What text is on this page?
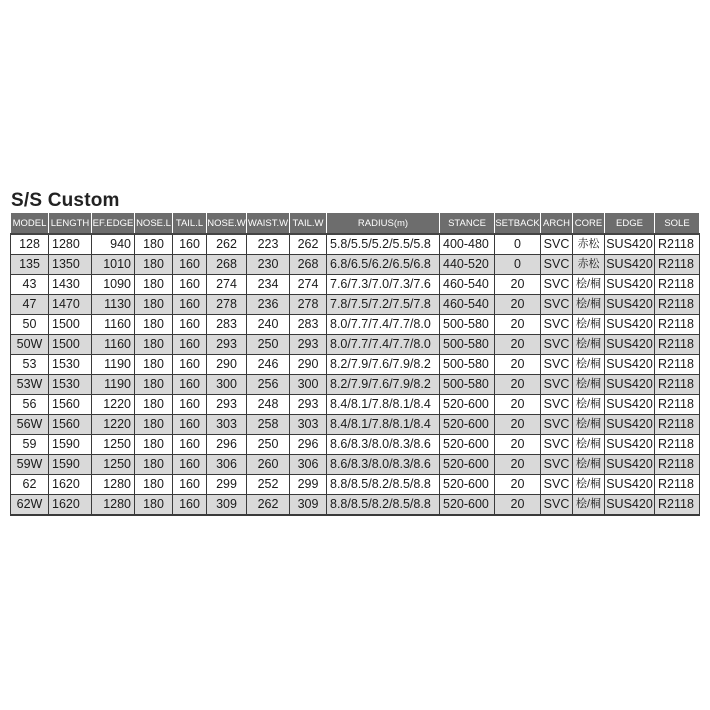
S/S Custom
MODEL	LENGTH	EF.EDGE	NOSE.L	TAIL.L	NOSE.W	WAIST.W	TAIL.W	RADIUS(m)	STANCE	SETBACK	ARCH	CORE	EDGE	SOLE
128	1280	940	180	160	262	223	262	5.8/5.5/5.2/5.5/5.8	400-480	0	SVC	赤松	SUS420	R2118
135	1350	1010	180	160	268	230	268	6.8/6.5/6.2/6.5/6.8	440-520	0	SVC	赤松	SUS420	R2118
43	1430	1090	180	160	274	234	274	7.6/7.3/7.0/7.3/7.6	460-540	20	SVC	桧/桐	SUS420	R2118
47	1470	1130	180	160	278	236	278	7.8/7.5/7.2/7.5/7.8	460-540	20	SVC	桧/桐	SUS420	R2118
50	1500	1160	180	160	283	240	283	8.0/7.7/7.4/7.7/8.0	500-580	20	SVC	桧/桐	SUS420	R2118
50W	1500	1160	180	160	293	250	293	8.0/7.7/7.4/7.7/8.0	500-580	20	SVC	桧/桐	SUS420	R2118
53	1530	1190	180	160	290	246	290	8.2/7.9/7.6/7.9/8.2	500-580	20	SVC	桧/桐	SUS420	R2118
53W	1530	1190	180	160	300	256	300	8.2/7.9/7.6/7.9/8.2	500-580	20	SVC	桧/桐	SUS420	R2118
56	1560	1220	180	160	293	248	293	8.4/8.1/7.8/8.1/8.4	520-600	20	SVC	桧/桐	SUS420	R2118
56W	1560	1220	180	160	303	258	303	8.4/8.1/7.8/8.1/8.4	520-600	20	SVC	桧/桐	SUS420	R2118
59	1590	1250	180	160	296	250	296	8.6/8.3/8.0/8.3/8.6	520-600	20	SVC	桧/桐	SUS420	R2118
59W	1590	1250	180	160	306	260	306	8.6/8.3/8.0/8.3/8.6	520-600	20	SVC	桧/桐	SUS420	R2118
62	1620	1280	180	160	299	252	299	8.8/8.5/8.2/8.5/8.8	520-600	20	SVC	桧/桐	SUS420	R2118
62W	1620	1280	180	160	309	262	309	8.8/8.5/8.2/8.5/8.8	520-600	20	SVC	桧/桐	SUS420	R2118
